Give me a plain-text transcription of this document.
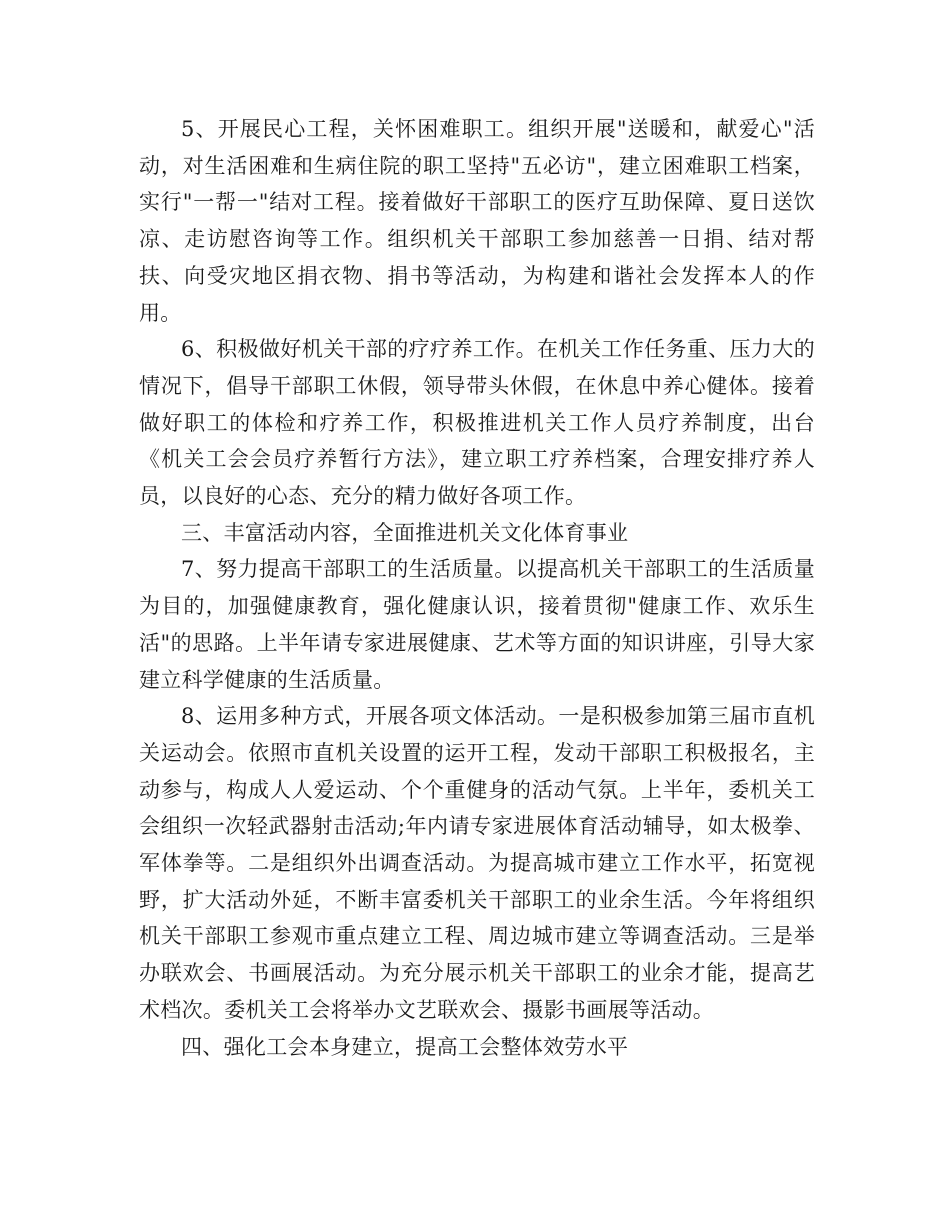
5、开展民心工程，关怀困难职工。组织开展"送暖和，献爱心"活动，对生活困难和生病住院的职工坚持"五必访"，建立困难职工档案，实行"一帮一"结对工程。接着做好干部职工的医疗互助保障、夏日送饮凉、走访慰咨询等工作。组织机关干部职工参加慈善一日捐、结对帮扶、向受灾地区捐衣物、捐书等活动，为构建和谐社会发挥本人的作用。

6、积极做好机关干部的疗疗养工作。在机关工作任务重、压力大的情况下，倡导干部职工休假，领导带头休假，在休息中养心健体。接着做好职工的体检和疗养工作，积极推进机关工作人员疗养制度，出台《机关工会会员疗养暂行方法》，建立职工疗养档案，合理安排疗养人员，以良好的心态、充分的精力做好各项工作。

三、丰富活动内容，全面推进机关文化体育事业

7、努力提高干部职工的生活质量。以提高机关干部职工的生活质量为目的，加强健康教育，强化健康认识，接着贯彻"健康工作、欢乐生活"的思路。上半年请专家进展健康、艺术等方面的知识讲座，引导大家建立科学健康的生活质量。

8、运用多种方式，开展各项文体活动。一是积极参加第三届市直机关运动会。依照市直机关设置的运开工程，发动干部职工积极报名，主动参与，构成人人爱运动、个个重健身的活动气氛。上半年，委机关工会组织一次轻武器射击活动;年内请专家进展体育活动辅导，如太极拳、军体拳等。二是组织外出调查活动。为提高城市建立工作水平，拓宽视野，扩大活动外延，不断丰富委机关干部职工的业余生活。今年将组织机关干部职工参观市重点建立工程、周边城市建立等调查活动。三是举办联欢会、书画展活动。为充分展示机关干部职工的业余才能，提高艺术档次。委机关工会将举办文艺联欢会、摄影书画展等活动。

四、强化工会本身建立，提高工会整体效劳水平
